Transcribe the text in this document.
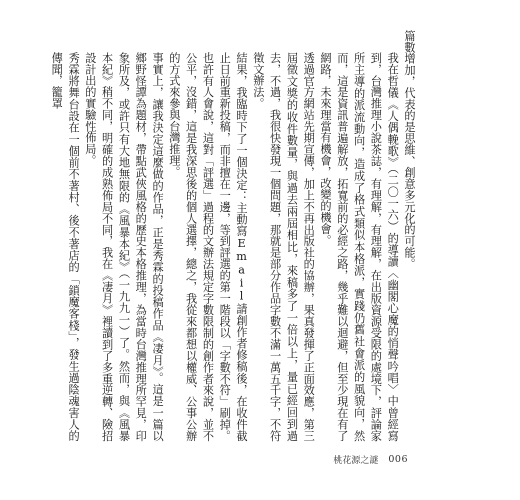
篇數增加，代表的是思維、創意多元化的可能。

我在哲儀《人偶輓歌》（二〇一六）的導讀〈幽閣心魔的悄聲吟唱〉中曾經寫到，台灣推理小說茶誌，有理解，有理解，在出版資源受限的處境下，評論家所主導的派流動向，造成了格式類似本格派，實踐仍舊社會派的風貌向，然而，這是資訊普遍解放，拓寬前的必經之路，幾乎難以迴避，但至少現在有了網路，未來理當有機會，改變的機會。

透過官方網站先期宣傳，加上不再出版社的協辦，果真發揮了正面效應，第三屆徵文獎的收件數量，與過去兩屆相比，來稿多了一倍以上，量已經回到過去，不過，我很快發現一個問題，那就是部分作品字數不滿一萬五千字，不符徵文辦法。

結果，我臨時下了一個決定：主動寫Email請創作者修稿後，在收件截止日前重新投稿，而非擅在一邊，等到評選的第一階段以「字數不符」刷掉。也許有人會說，這對「評選」過程的文辦法規定字數限制的創作者來說，並不公平，沒錯，這是我深思後的個人選擇，總之，我從來都想以權威、公事公辦的方式來參與台灣推理。

事實上，讓我決定這麼做的作品，正是秀霖的投稿作品《凄月》。這是一篇以鄉野怪譚為題材，帶點武俠風格的歷史本格推理，為當時台灣推理所罕見，印象所及，或許只有大地無限的《風暴本紀》（一九九一）了。然而，與《風暴本紀》稍不同，明確的成熟佈局不同，我在《凄月》裡讀到了多重逆轉、險招設計出的實驗性佈局。

秀霖將舞台設在一個前不著村、後不著店的「鎖魔客棧」，發生過陰魂害人的傳聞，籠罩

桃花源之謎 006
